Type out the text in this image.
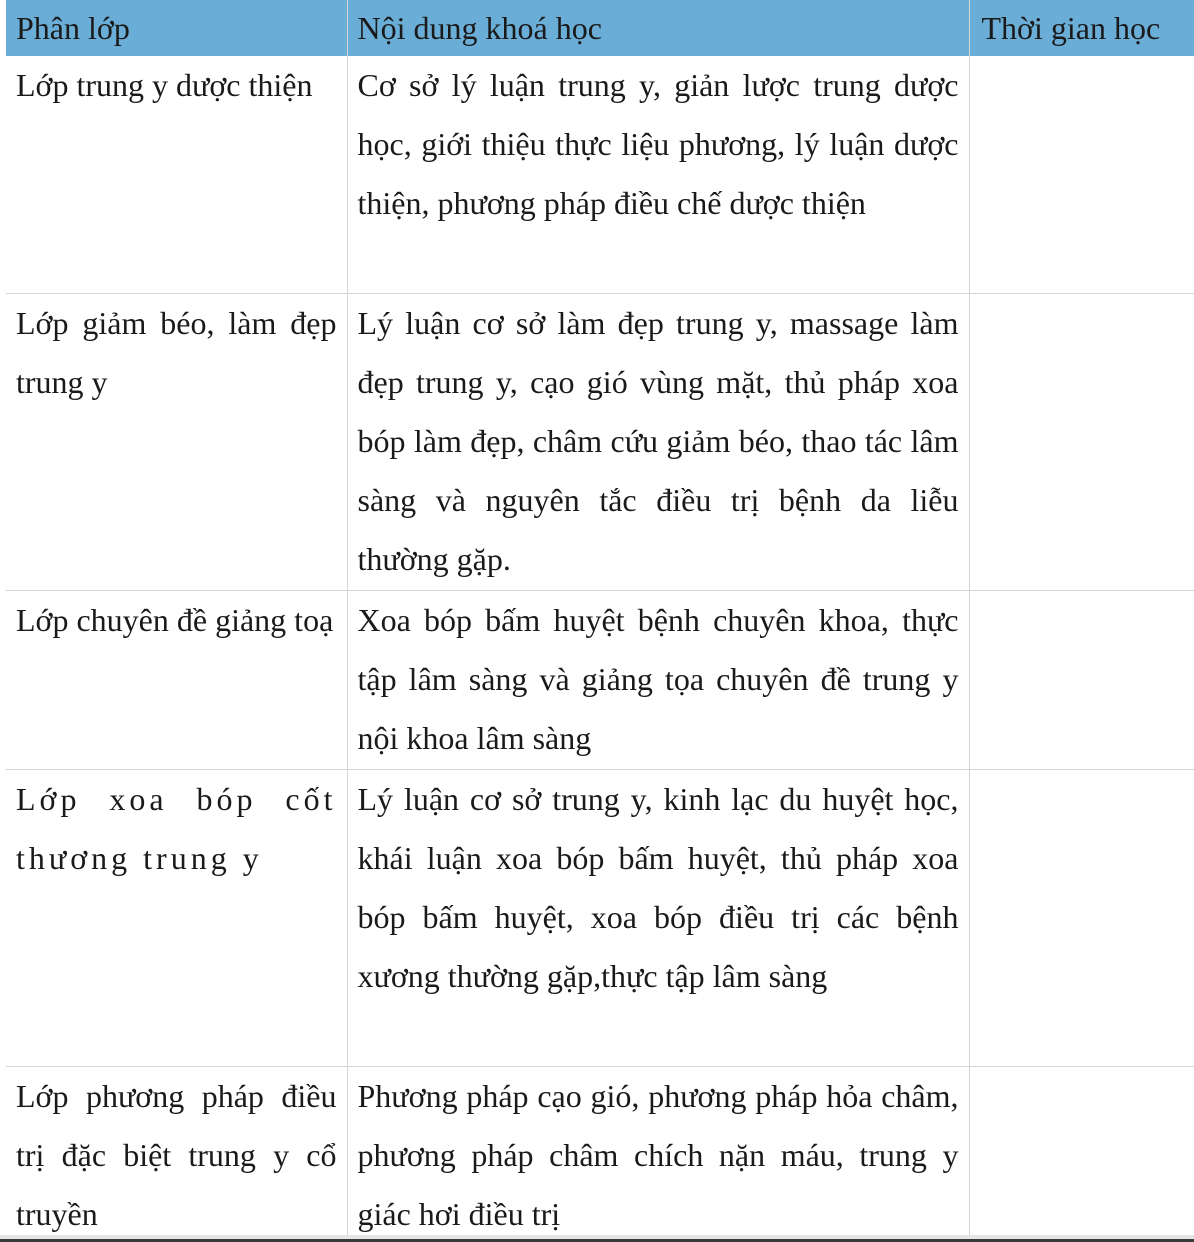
Phân lớp	Nội dung khoá học	Thời gian học
Lớp trung y dược thiện	Cơ sở lý luận trung y, giản lược trung dược học, giới thiệu thực liệu phương, lý luận dược thiện, phương pháp điều chế dược thiện	
Lớp giảm béo, làm đẹp trung y	Lý luận cơ sở làm đẹp trung y, massage làm đẹp trung y, cạo gió vùng mặt, thủ pháp xoa bóp làm đẹp, châm cứu giảm béo, thao tác lâm sàng và nguyên tắc điều trị bệnh da liễu thường gặp.	
Lớp chuyên đề giảng toạ	Xoa bóp bấm huyệt bệnh chuyên khoa, thực tập lâm sàng và giảng tọa chuyên đề trung y nội khoa lâm sàng	
Lớp xoa bóp cốt thương trung y	Lý luận cơ sở trung y, kinh lạc du huyệt học, khái luận xoa bóp bấm huyệt, thủ pháp xoa bóp bấm huyệt, xoa bóp điều trị các bệnh xương thường gặp,thực tập lâm sàng	
Lớp phương pháp điều trị đặc biệt trung y cổ truyền	Phương pháp cạo gió, phương pháp hỏa châm, phương pháp châm chích nặn máu, trung y giác hơi điều trị	
